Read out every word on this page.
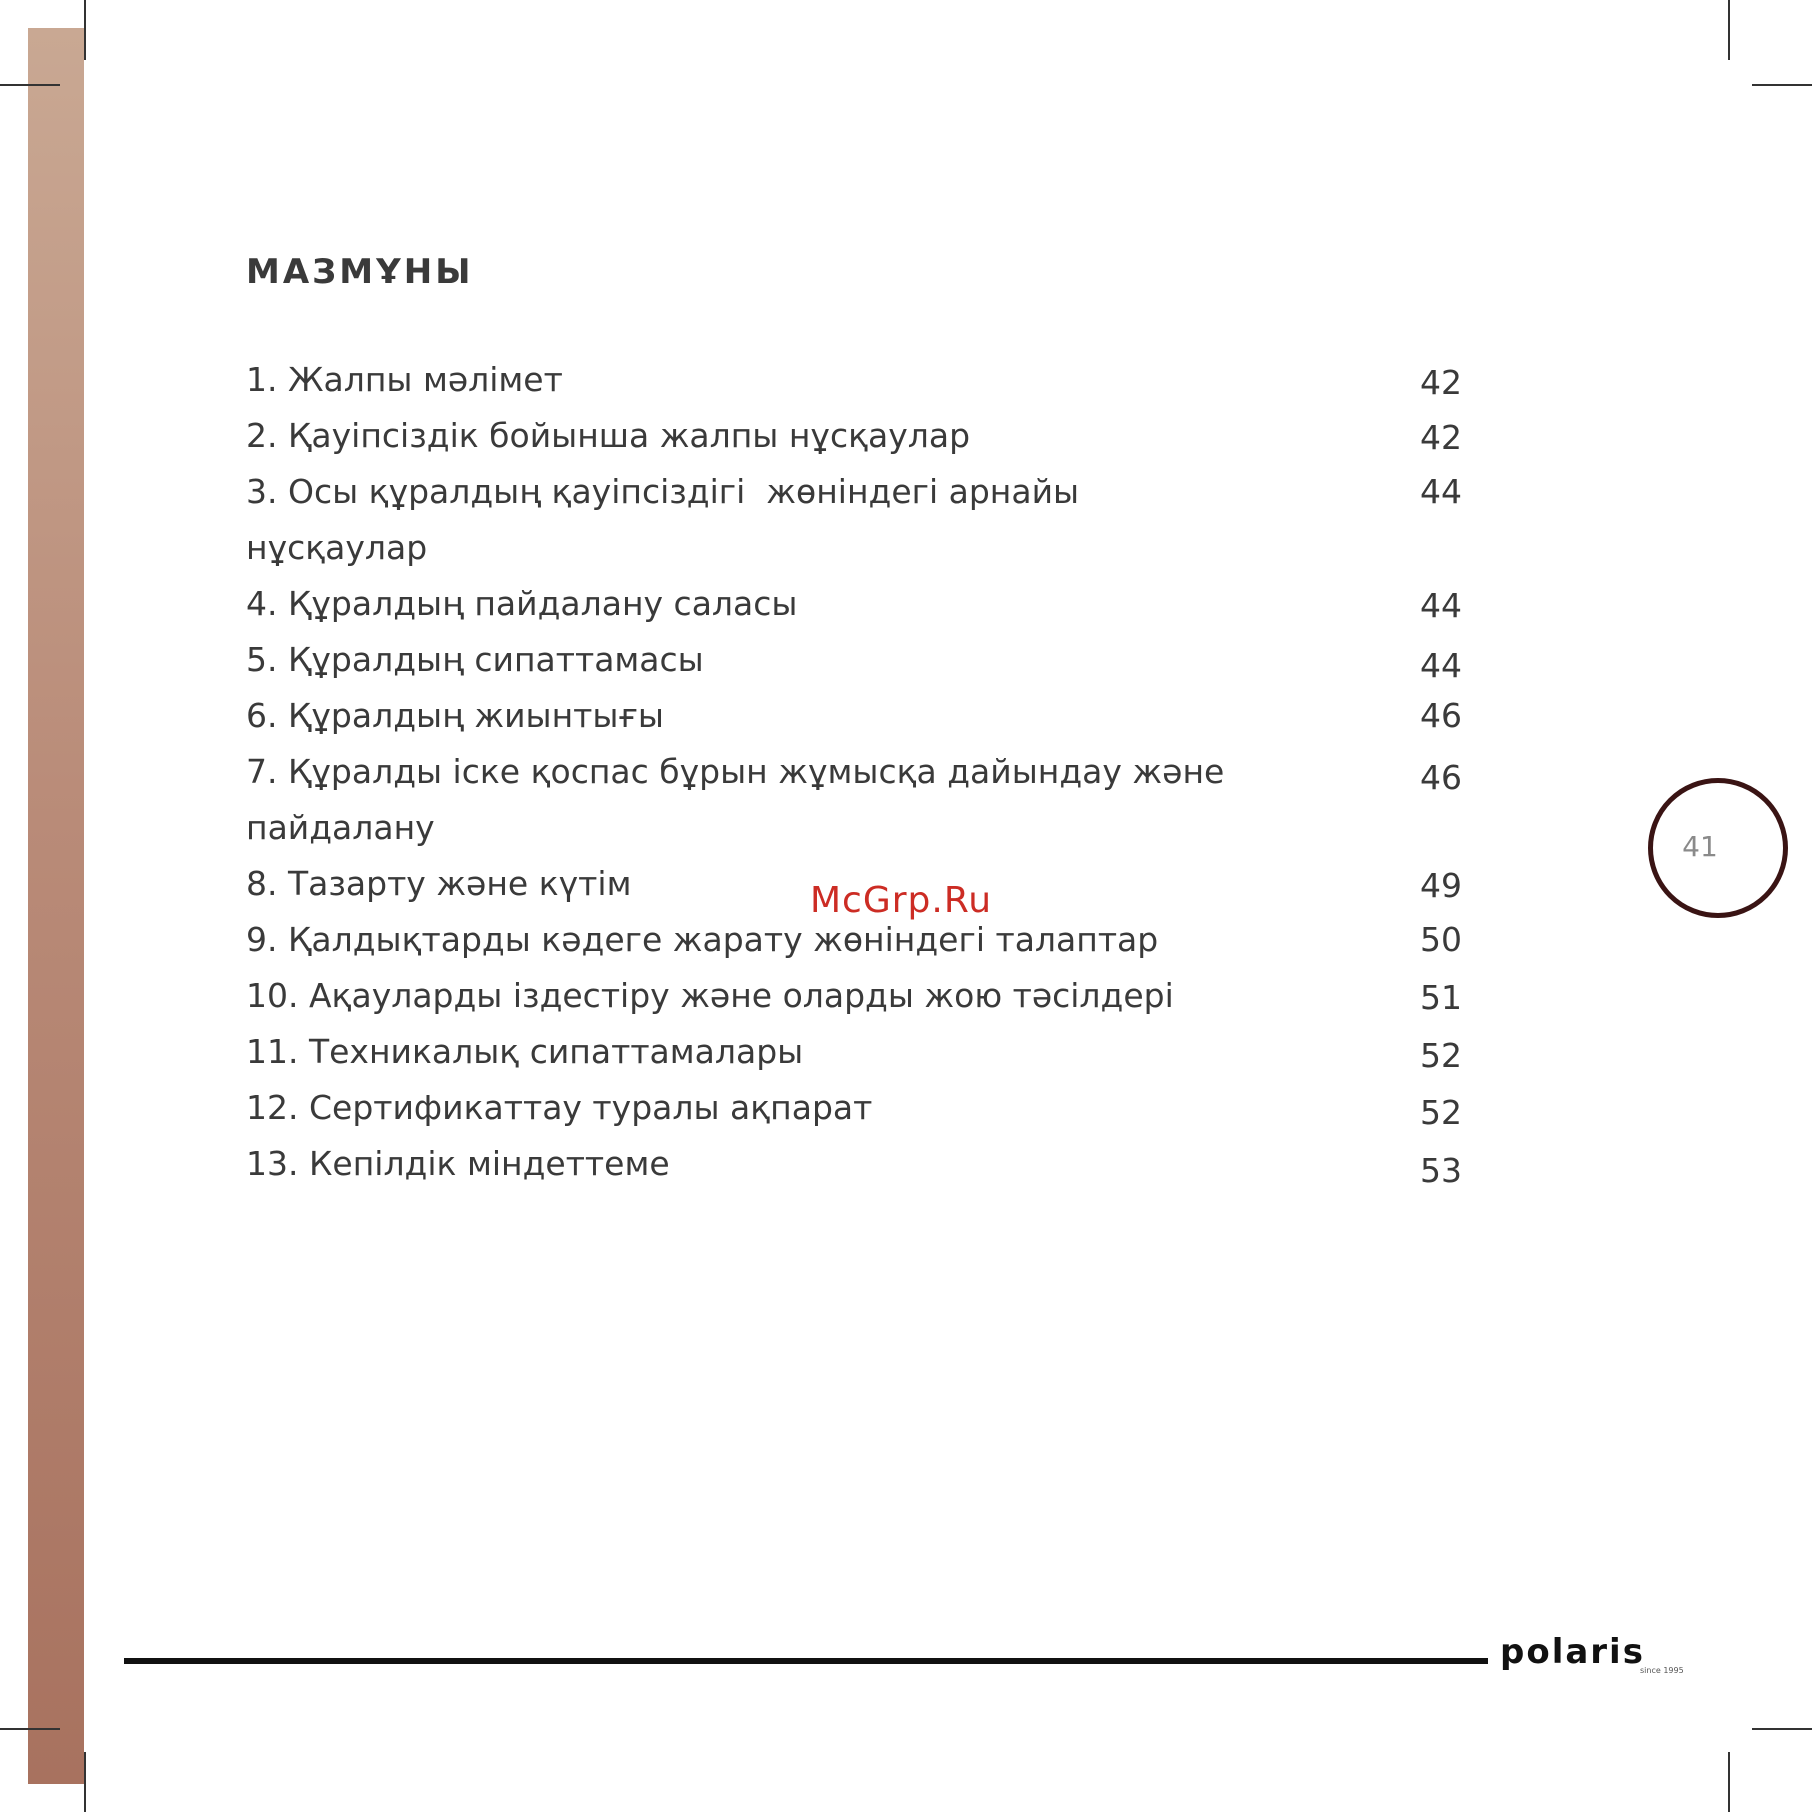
МАЗМҰНЫ
1. Жалпы мәлімет	42
2. Қауіпсіздік бойынша жалпы нұсқаулар	42
3. Осы құралдың қауіпсіздігі  жөніндегі арнайы	44
нұсқаулар
4. Құралдың пайдалану саласы	44
5. Құралдың сипаттамасы	44
6. Құралдың жиынтығы	46
7. Құралды іске қоспас бұрын жұмысқа дайындау және	46
пайдалану
8. Тазарту және күтім	49
9. Қалдықтарды кәдеге жарату жөніндегі талаптар	50
10. Ақауларды іздестіру және оларды жою тәсілдері	51
11. Техникалық сипаттамалары	52
12. Сертификаттау туралы ақпарат	52
13. Кепілдік міндеттеме	53
McGrp.Ru
41
polaris
since 1995
